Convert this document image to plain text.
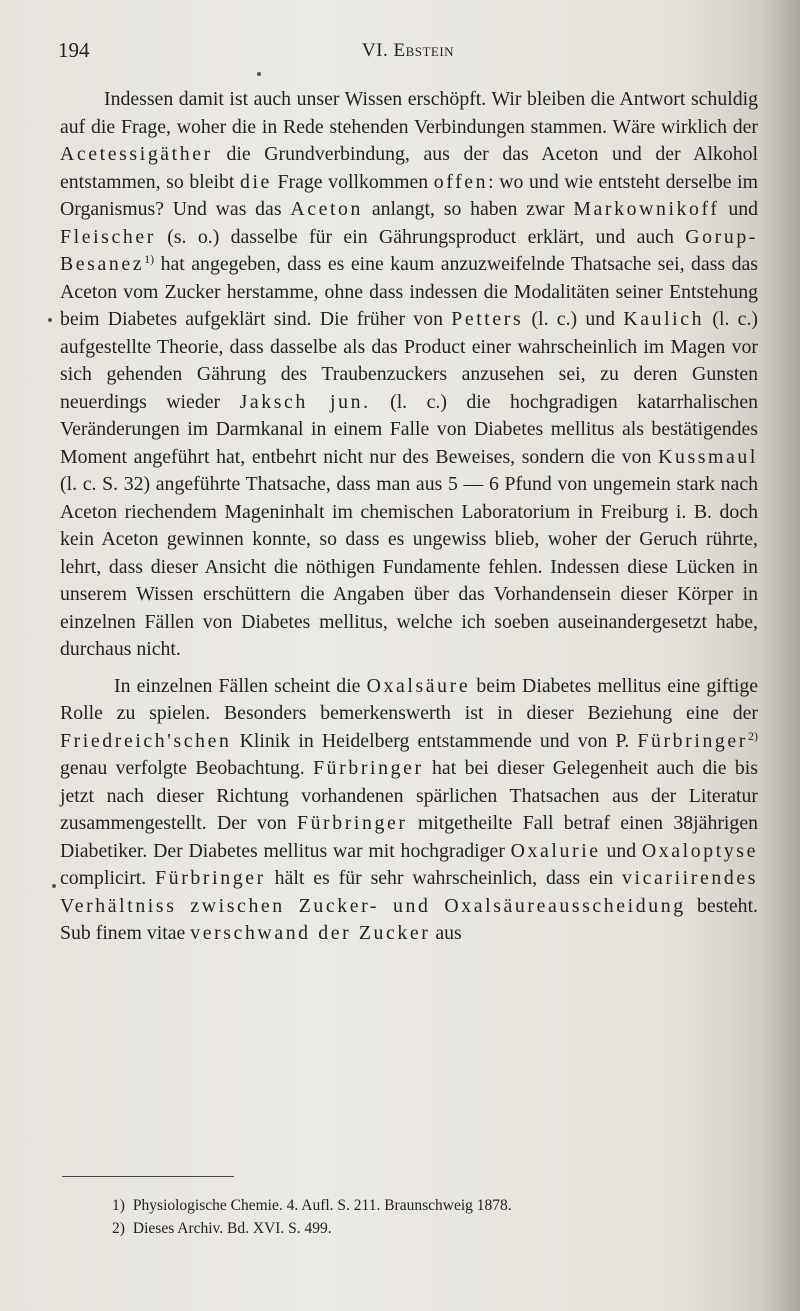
194	VI. Ebstein

Indessen damit ist auch unser Wissen erschöpft. Wir bleiben die Antwort schuldig auf die Frage, woher die in Rede stehenden Verbindungen stammen. Wäre wirklich der Acetessigäther die Grundverbindung, aus der das Aceton und der Alkohol entstammen, so bleibt die Frage vollkommen offen: wo und wie entsteht derselbe im Organismus? Und was das Aceton anlangt, so haben zwar Markownikoff und Fleischer (s. o.) dasselbe für ein Gährungsproduct erklärt, und auch Gorup-Besanez$^{1)}$ hat angegeben, dass es eine kaum anzuzweifelnde Thatsache sei, dass das Aceton vom Zucker herstamme, ohne dass indessen die Modalitäten seiner Entstehung beim Diabetes aufgeklärt sind. Die früher von Petters (l. c.) und Kaulich (l. c.) aufgestellte Theorie, dass dasselbe als das Product einer wahrscheinlich im Magen vor sich gehenden Gährung des Traubenzuckers anzusehen sei, zu deren Gunsten neuerdings wieder Jaksch jun. (l. c.) die hochgradigen katarrhalischen Veränderungen im Darmkanal in einem Falle von Diabetes mellitus als bestätigendes Moment angeführt hat, entbehrt nicht nur des Beweises, sondern die von Kussmaul (l. c. S. 32) angeführte Thatsache, dass man aus 5 — 6 Pfund von ungemein stark nach Aceton riechendem Mageninhalt im chemischen Laboratorium in Freiburg i. B. doch kein Aceton gewinnen konnte, so dass es ungewiss blieb, woher der Geruch rührte, lehrt, dass dieser Ansicht die nöthigen Fundamente fehlen. Indessen diese Lücken in unserem Wissen erschüttern die Angaben über das Vorhandensein dieser Körper in einzelnen Fällen von Diabetes mellitus, welche ich soeben auseinandergesetzt habe, durchaus nicht.

In einzelnen Fällen scheint die Oxalsäure beim Diabetes mellitus eine giftige Rolle zu spielen. Besonders bemerkenswerth ist in dieser Beziehung eine der Friedreich'schen Klinik in Heidelberg entstammende und von P. Fürbringer$^{2)}$ genau verfolgte Beobachtung. Fürbringer hat bei dieser Gelegenheit auch die bis jetzt nach dieser Richtung vorhandenen spärlichen Thatsachen aus der Literatur zusammengestellt. Der von Fürbringer mitgetheilte Fall betraf einen 38jährigen Diabetiker. Der Diabetes mellitus war mit hochgradiger Oxalurie und Oxaloptyse complicirt. Fürbringer hält es für sehr wahrscheinlich, dass ein vicariirendes Verhältniss zwischen Zucker- und Oxalsäureausscheidung besteht. Sub finem vitae verschwand der Zucker aus

1) Physiologische Chemie. 4. Aufl. S. 211. Braunschweig 1878.
2) Dieses Archiv. Bd. XVI. S. 499.
